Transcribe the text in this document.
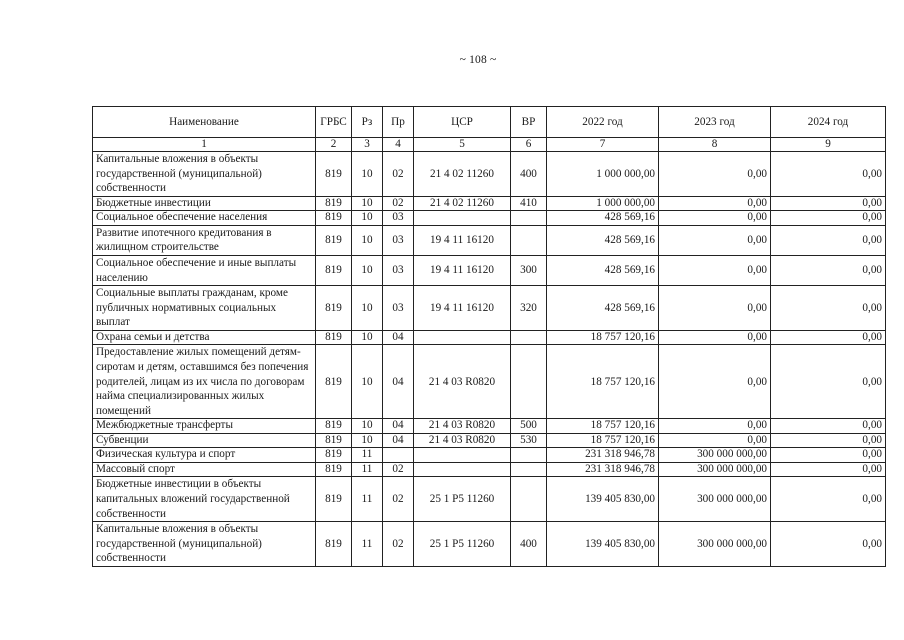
~ 108 ~
Наименование	ГРБС	Рз	Пр	ЦСР	ВР	2022 год	2023 год	2024 год
1	2	3	4	5	6	7	8	9
Капитальные вложения в объекты государственной (муниципальной) собственности	819	10	02	21 4 02 11260	400	1 000 000,00	0,00	0,00
Бюджетные инвестиции	819	10	02	21 4 02 11260	410	1 000 000,00	0,00	0,00
Социальное обеспечение населения	819	10	03			428 569,16	0,00	0,00
Развитие ипотечного кредитования в жилищном строительстве	819	10	03	19 4 11 16120		428 569,16	0,00	0,00
Социальное обеспечение и иные выплаты населению	819	10	03	19 4 11 16120	300	428 569,16	0,00	0,00
Социальные выплаты гражданам, кроме публичных нормативных социальных выплат	819	10	03	19 4 11 16120	320	428 569,16	0,00	0,00
Охрана семьи и детства	819	10	04			18 757 120,16	0,00	0,00
Предоставление жилых помещений детям-сиротам и детям, оставшимся без попечения родителей, лицам из их числа по договорам найма специализированных жилых помещений	819	10	04	21 4 03 R0820		18 757 120,16	0,00	0,00
Межбюджетные трансферты	819	10	04	21 4 03 R0820	500	18 757 120,16	0,00	0,00
Субвенции	819	10	04	21 4 03 R0820	530	18 757 120,16	0,00	0,00
Физическая культура и спорт	819	11				231 318 946,78	300 000 000,00	0,00
Массовый спорт	819	11	02			231 318 946,78	300 000 000,00	0,00
Бюджетные инвестиции в объекты капитальных вложений государственной собственности	819	11	02	25 1 P5 11260		139 405 830,00	300 000 000,00	0,00
Капитальные вложения в объекты государственной (муниципальной) собственности	819	11	02	25 1 P5 11260	400	139 405 830,00	300 000 000,00	0,00
